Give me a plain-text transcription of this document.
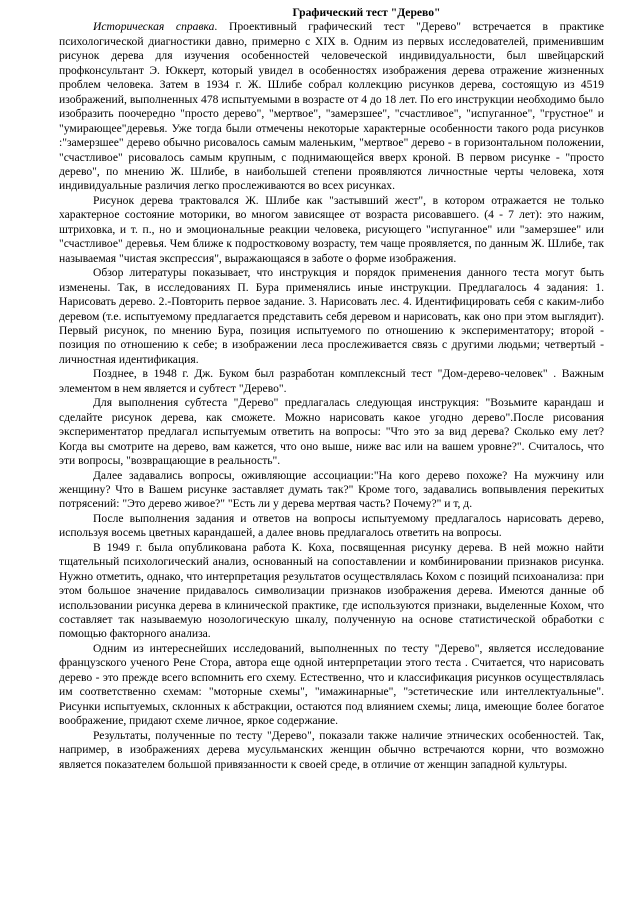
Графический тест "Дерево"

Историческая справка. Проективный графический тест "Дерево" встречается в практике психологической диагностики давно, примерно с XIX в. Одним из первых исследователей, применившим рисунок дерева для изучения особенностей человеческой индивидуальности, был швейцарский профконсультант Э. Юккерт, который увидел в особенностях изображения дерева отражение жизненных проблем человека. Затем в 1934 г. Ж. Шлибе собрал коллекцию рисунков дерева, состоящую из 4519 изображений, выполненных 478 испытуемыми в возрасте от 4 до 18 лет. По его инструкции необходимо было изобразить поочередно "просто дерево", "мертвое", "замерзшее", "счастливое", "испуганное", "грустное" и "умирающее"деревья. Уже тогда были отмечены некоторые характерные особенности такого рода рисунков :"замерзшее" дерево обычно рисовалось самым маленьким, "мертвое" дерево - в горизонтальном положении, "счастливое" рисовалось самым крупным, с поднимающейся вверх кроной. В первом рисунке - "просто дерево", по мнению Ж. Шлибе, в наибольшей степени проявляются личностные черты человека, хотя индивидуальные различия легко прослеживаются во всех рисунках.

Рисунок дерева трактовался Ж. Шлибе как "застывший жест", в котором отражается не только характерное состояние моторики, во многом зависящее от возраста рисовавшего. (4 - 7 лет): это нажим, штриховка, и т. п., но и эмоциональные реакции человека, рисующего "испуганное" или "замерзшее" или "счастливое" деревья. Чем ближе к подростковому возрасту, тем чаще проявляется, по данным Ж. Шлибе, так называемая "чистая экспрессия", выражающаяся в заботе о форме изображения.

Обзор литературы показывает, что инструкция и порядок применения данного теста могут быть изменены. Так, в исследованиях П. Бура применялись иные инструкции. Предлагалось 4 задания: 1. Нарисовать дерево. 2.-Повторить первое задание. 3. Нарисовать лес. 4. Идентифицировать себя с каким-либо деревом (т.е. испытуемому предлагается представить себя деревом и нарисовать, как оно при этом выглядит). Первый рисунок, по мнению Бура, позиция испытуемого по отношению к экспериментатору; второй - позиция по отношению к себе; в изображении леса прослеживается связь с другими людьми; четвертый - личностная идентификация.

Позднее, в 1948 г. Дж. Буком был разработан комплексный тест "Дом-дерево-человек" . Важным элементом в нем является и субтест "Дерево".

Для выполнения субтеста "Дерево" предлагалась следующая инструкция: "Возьмите карандаш и сделайте рисунок дерева, как сможете. Можно нарисовать какое угодно дерево".После рисования экспериментатор предлагал испытуемым ответить на вопросы: "Что это за вид дерева? Сколько ему лет? Когда вы смотрите на дерево, вам кажется, что оно выше, ниже вас или на вашем уровне?". Считалось, что эти вопросы, "возвращающие в реальность".

Далее задавались вопросы, оживляющие ассоциации:"На кого дерево похоже? На мужчину или женщину? Что в Вашем рисунке заставляет думать так?" Кроме того, задавались вопвывления перекитых потрясений: "Это дерево живое?" "Есть ли у дерева мертвая часть? Почему?" и т, д.

После выполнения задания и ответов на вопросы испытуемому предлагалось нарисовать дерево, используя восемь цветных карандашей, а далее вновь предлагалось ответить на вопросы.

В 1949 г. была опубликована работа К. Коха, посвященная рисунку дерева. В ней можно найти тщательный психологический анализ, основанный на сопоставлении и комбинировании признаков рисунка. Нужно отметить, однако, что интерпретация результатов осуществлялась Кохом с позиций психоанализа: при этом большое значение придавалось символизации признаков изображения дерева. Имеются данные об использовании рисунка дерева в клинической практике, где используются признаки, выделенные Кохом, что составляет так называемую нозологическую шкалу, полученную на основе статистической обработки с помощью факторного анализа.

Одним из интереснейших исследований, выполненных по тесту "Дерево", является исследование французского ученого Рене Стора, автора еще одной интерпретации этого теста . Считается, что нарисовать дерево - это прежде всего вспомнить его схему. Естественно, что и классификация рисунков осуществлялась им соответственно схемам: "моторные схемы", "имажинарные", "эстетические или интеллектуальные". Рисунки испытуемых, склонных к абстракции, остаются под влиянием схемы; лица, имеющие более богатое воображение, придают схеме личное, яркое содержание.

Результаты, полученные по тесту "Дерево", показали также наличие этнических особенностей. Так, например, в изображениях дерева мусульманских женщин обычно встречаются корни, что возможно является показателем большой привязанности к своей среде, в отличие от женщин западной культуры.
